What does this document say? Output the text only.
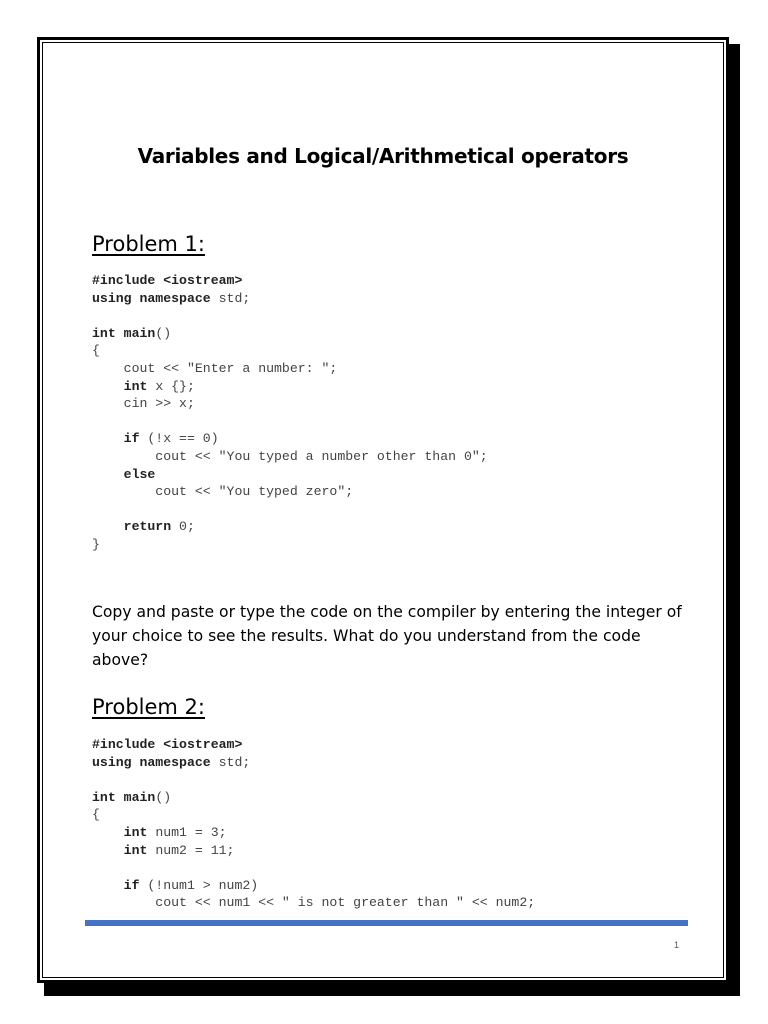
Variables and Logical/Arithmetical operators
Problem 1:
#include <iostream>
using namespace std;
int main()
{
cout << "Enter a number: ";
int x {};
cin >> x;
if (!x == 0)
cout << "You typed a number other than 0";
else
cout << "You typed zero";
return 0;
}
Copy and paste or type the code on the compiler by entering the integer of your choice to see the results. What do you understand from the code above?
Problem 2:
#include <iostream>
using namespace std;
int main()
{
int num1 = 3;
int num2 = 11;
if (!num1 > num2)
cout << num1 << " is not greater than " << num2;
1
